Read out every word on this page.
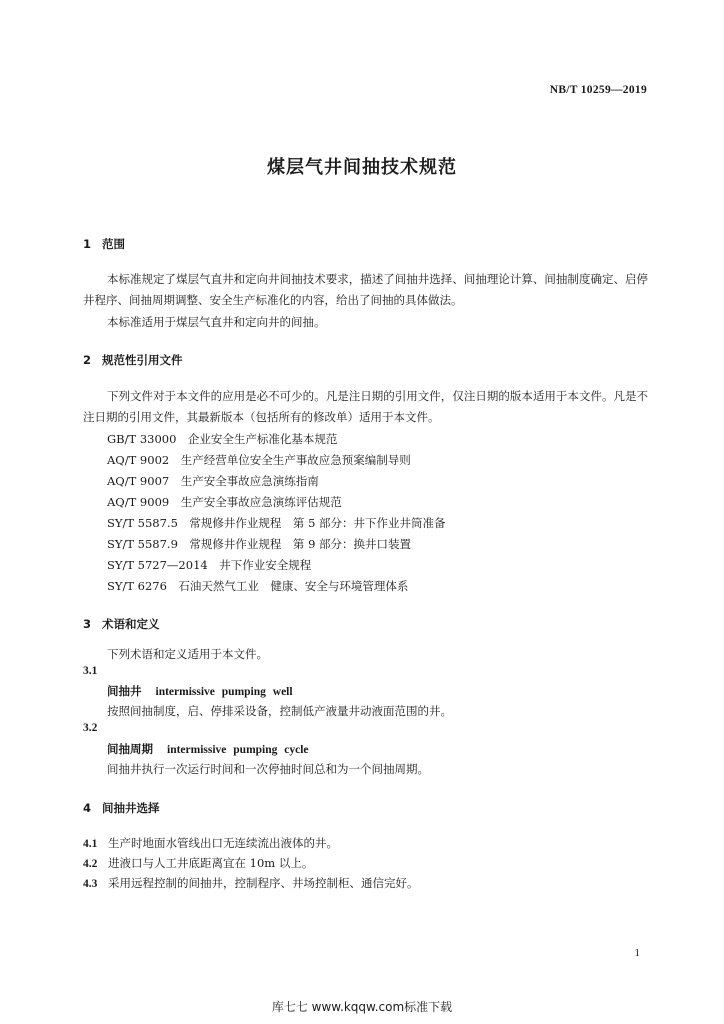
NB/T 10259—2019
煤层气井间抽技术规范
1 范围
本标准规定了煤层气直井和定向井间抽技术要求，描述了间抽井选择、间抽理论计算、间抽制度确定、启停井程序、间抽周期调整、安全生产标准化的内容，给出了间抽的具体做法。
本标准适用于煤层气直井和定向井的间抽。
2 规范性引用文件
下列文件对于本文件的应用是必不可少的。凡是注日期的引用文件，仅注日期的版本适用于本文件。凡是不注日期的引用文件，其最新版本（包括所有的修改单）适用于本文件。
GB/T 33000　企业安全生产标准化基本规范
AQ/T 9002　生产经营单位安全生产事故应急预案编制导则
AQ/T 9007　生产安全事故应急演练指南
AQ/T 9009　生产安全事故应急演练评估规范
SY/T 5587.5　常规修井作业规程　第 5 部分：井下作业井筒准备
SY/T 5587.9　常规修井作业规程　第 9 部分：换井口装置
SY/T 5727—2014　井下作业安全规程
SY/T 6276　石油天然气工业　健康、安全与环境管理体系
3 术语和定义
下列术语和定义适用于本文件。
3.1
间抽井 intermissive pumping well
按照间抽制度，启、停排采设备，控制低产液量井动液面范围的井。
3.2
间抽周期 intermissive pumping cycle
间抽井执行一次运行时间和一次停抽时间总和为一个间抽周期。
4 间抽井选择
4.1 生产时地面水管线出口无连续流出液体的井。
4.2 进液口与人工井底距离宜在 10m 以上。
4.3 采用远程控制的间抽井，控制程序、井场控制柜、通信完好。
1
库七七 www.kqqw.com标准下载
